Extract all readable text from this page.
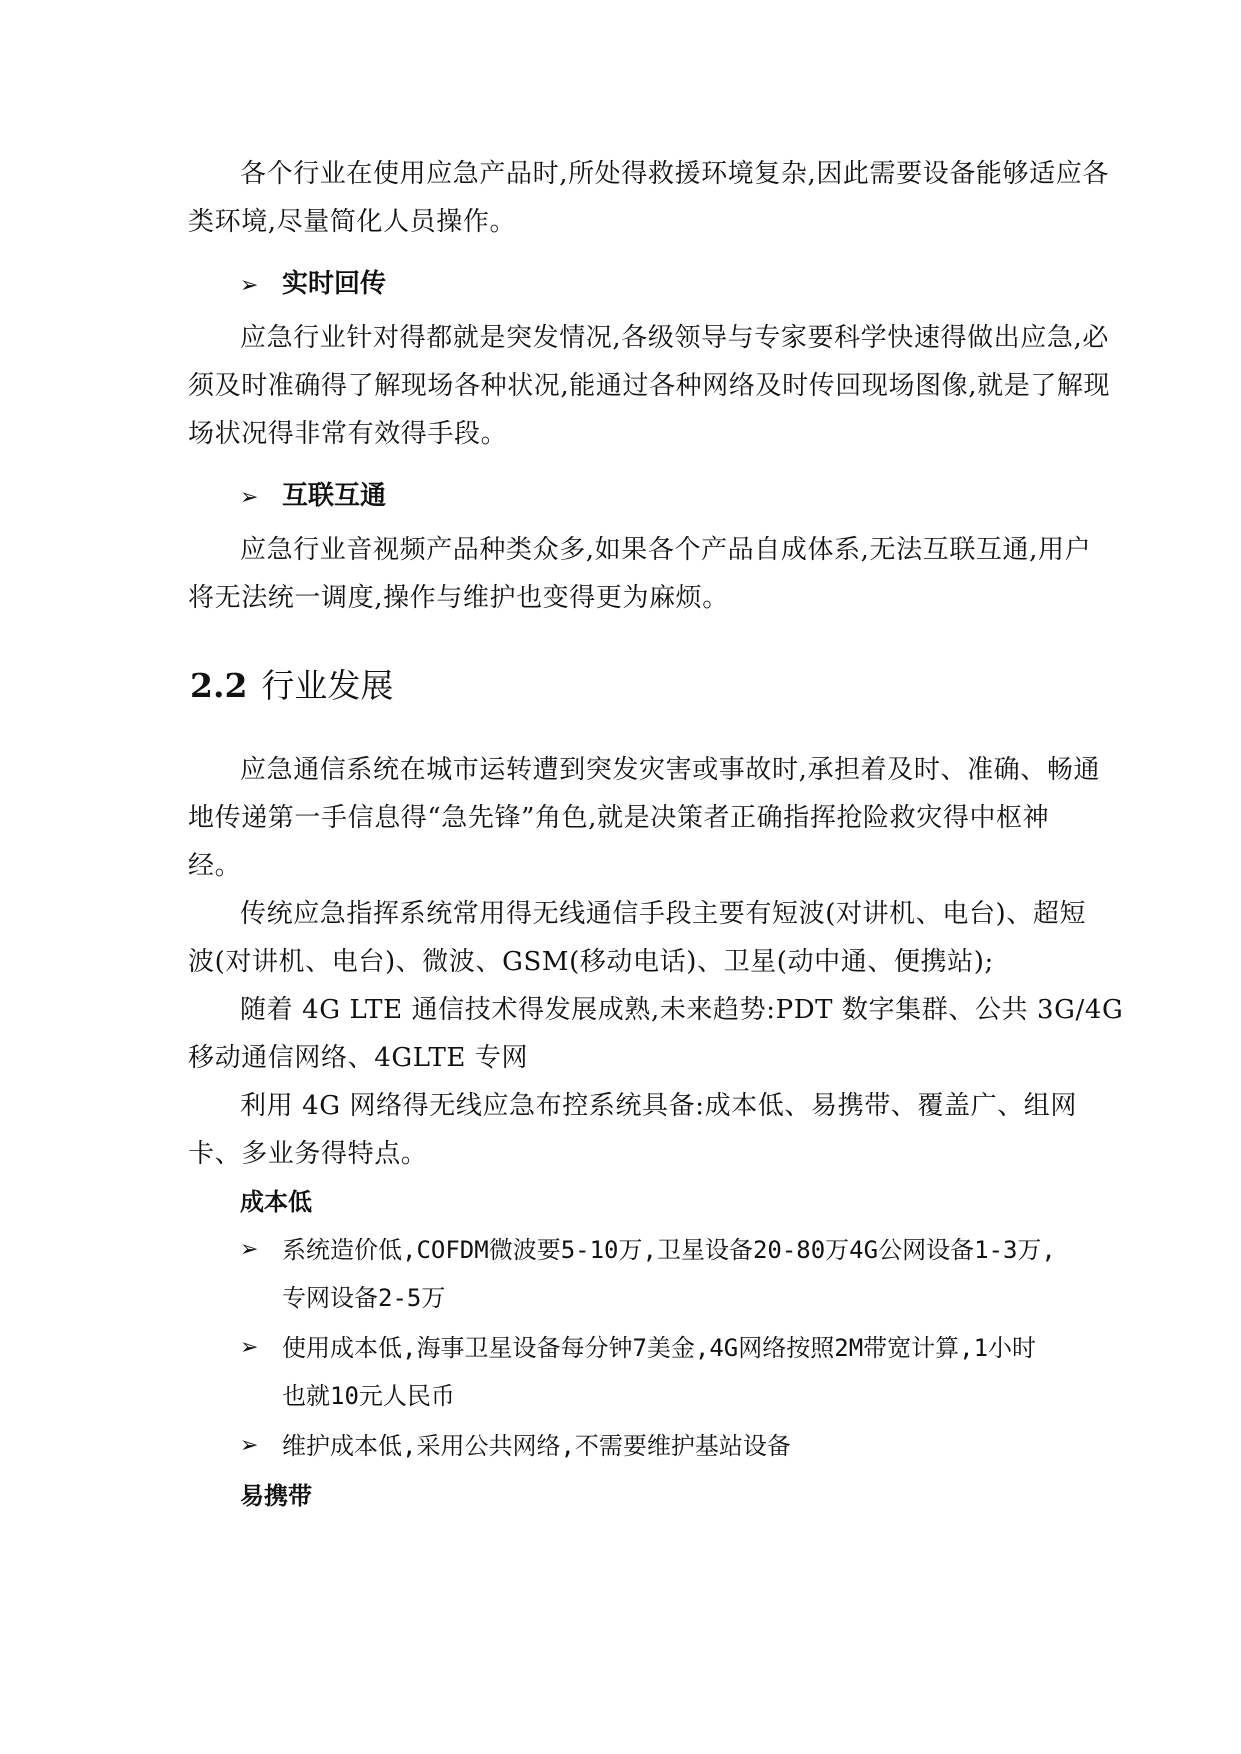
各个行业在使用应急产品时,所处得救援环境复杂,因此需要设备能够适应各
类环境,尽量简化人员操作。
➢ 实时回传
应急行业针对得都就是突发情况,各级领导与专家要科学快速得做出应急,必
须及时准确得了解现场各种状况,能通过各种网络及时传回现场图像,就是了解现
场状况得非常有效得手段。
➢ 互联互通
应急行业音视频产品种类众多,如果各个产品自成体系,无法互联互通,用户
将无法统一调度,操作与维护也变得更为麻烦。
2.2 行业发展
应急通信系统在城市运转遭到突发灾害或事故时,承担着及时、准确、畅通
地传递第一手信息得“急先锋”角色,就是决策者正确指挥抢险救灾得中枢神
经。
传统应急指挥系统常用得无线通信手段主要有短波(对讲机、电台)、超短
波(对讲机、电台)、微波、GSM(移动电话)、卫星(动中通、便携站);
随着 4G LTE 通信技术得发展成熟,未来趋势:PDT 数字集群、公共 3G/4G
移动通信网络、4GLTE 专网
利用 4G 网络得无线应急布控系统具备:成本低、易携带、覆盖广、组网
卡、多业务得特点。
成本低
➢ 系统造价低,COFDM微波要5-10万,卫星设备20-80万4G公网设备1-3万,
专网设备2-5万
➢ 使用成本低,海事卫星设备每分钟7美金,4G网络按照2M带宽计算,1小时
也就10元人民币
➢ 维护成本低,采用公共网络,不需要维护基站设备
易携带
